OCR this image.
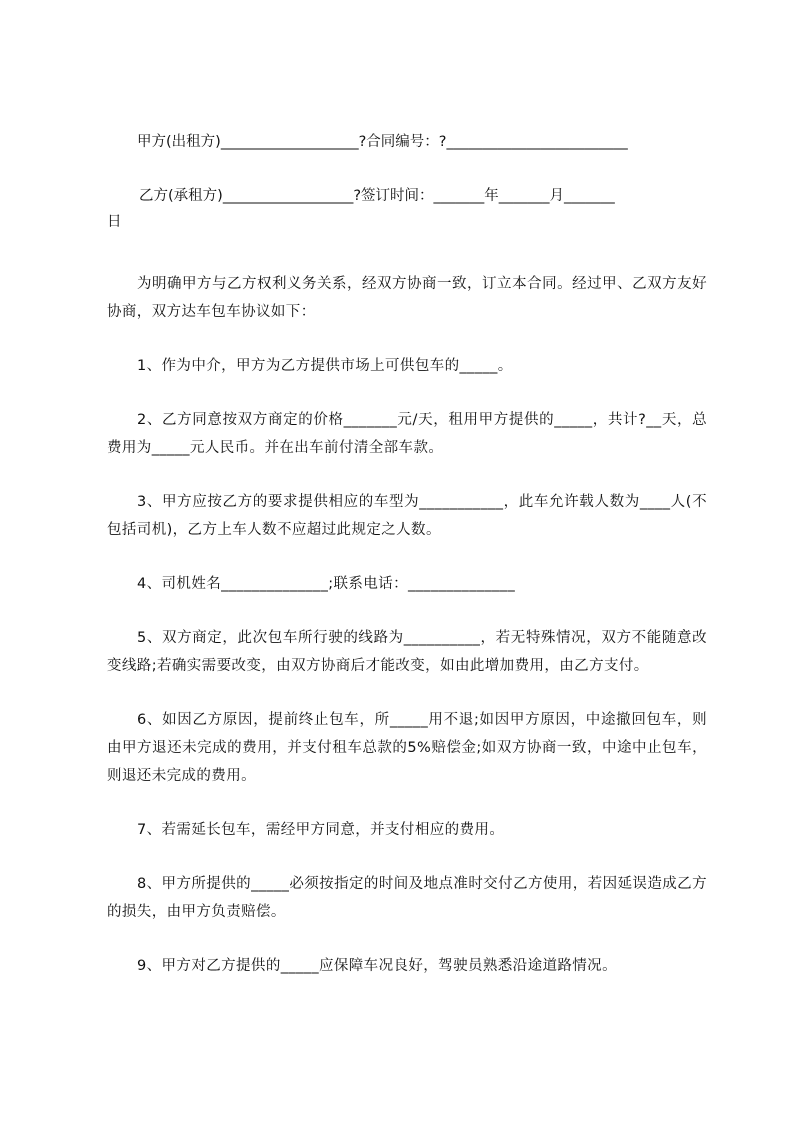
甲方(出租方)___________________?合同编号：?_________________________
乙方(承租方)__________________?签订时间：_______年_______月_______
日
为明确甲方与乙方权利义务关系，经双方协商一致，订立本合同。经过甲、乙双方友好协商，双方达车包车协议如下：
1、作为中介，甲方为乙方提供市场上可供包车的_____。
2、乙方同意按双方商定的价格_______元/天，租用甲方提供的_____，共计?__天，总费用为_____元人民币。并在出车前付清全部车款。
3、甲方应按乙方的要求提供相应的车型为___________，此车允许载人数为____人(不包括司机)，乙方上车人数不应超过此规定之人数。
4、司机姓名______________;联系电话：______________
5、双方商定，此次包车所行驶的线路为__________，若无特殊情况，双方不能随意改变线路;若确实需要改变，由双方协商后才能改变，如由此增加费用，由乙方支付。
6、如因乙方原因，提前终止包车，所_____用不退;如因甲方原因，中途撤回包车，则由甲方退还未完成的费用，并支付租车总款的5%赔偿金;如双方协商一致，中途中止包车，则退还未完成的费用。
7、若需延长包车，需经甲方同意，并支付相应的费用。
8、甲方所提供的_____必须按指定的时间及地点准时交付乙方使用，若因延误造成乙方的损失，由甲方负责赔偿。
9、甲方对乙方提供的_____应保障车况良好，驾驶员熟悉沿途道路情况。
